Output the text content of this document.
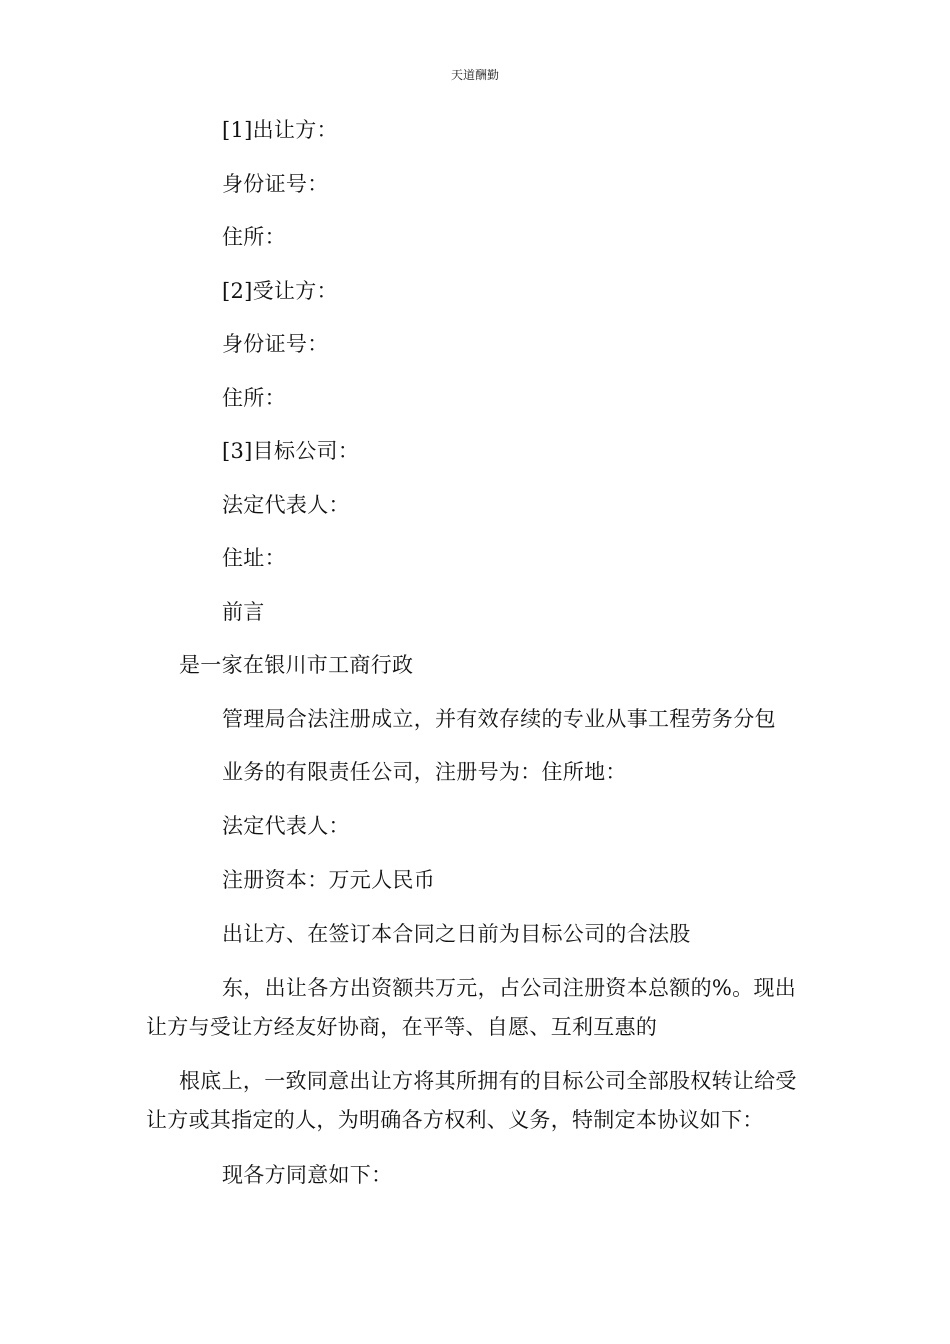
天道酬勤
[1]出让方：
身份证号：
住所：
[2]受让方：
身份证号：
住所：
[3]目标公司：
法定代表人：
住址：
前言
是一家在银川市工商行政
管理局合法注册成立，并有效存续的专业从事工程劳务分包
业务的有限责任公司，注册号为：住所地：
法定代表人：
注册资本：万元人民币
出让方、在签订本合同之日前为目标公司的合法股
东，出让各方出资额共万元，占公司注册资本总额的%。现出
让方与受让方经友好协商，在平等、自愿、互利互惠的
根底上，一致同意出让方将其所拥有的目标公司全部股权转让给受
让方或其指定的人，为明确各方权利、义务，特制定本协议如下：
现各方同意如下：
